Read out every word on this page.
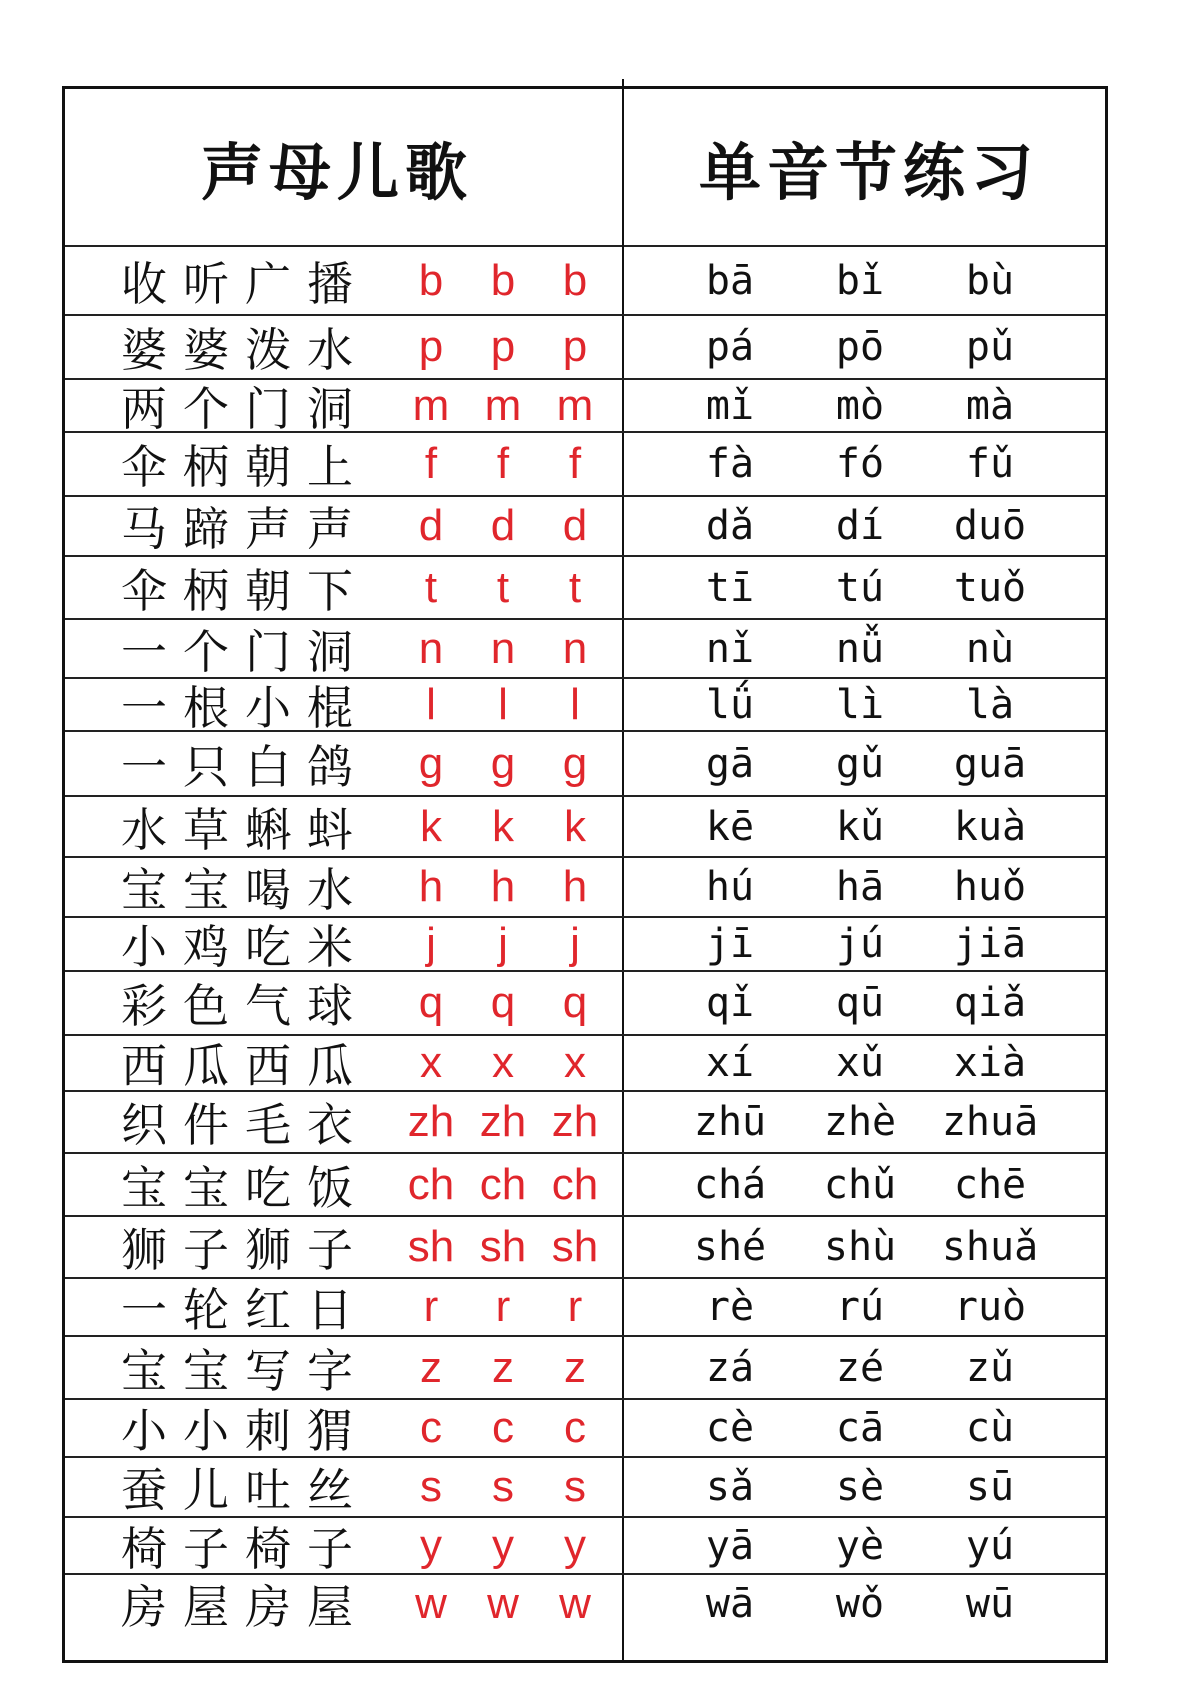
声母儿歌	单音节练习
收 听 广 播	b	b	b	bā	bǐ	bù
婆 婆 泼 水	p	p	p	pá	pō	pǔ
两 个 门 洞	m m m	mǐ	mò	mà
伞 柄 朝 上	f	f	f	fà	fó	fǔ
马 蹄 声 声	d	d	d	dǎ	dí	duō
伞 柄 朝 下	t	t	t	tī	tú	tuǒ
一 个 门 洞	n	n	n	nǐ	nǚ	nù
一 根 小 棍	l	l	l	lǘ	lì	là
一 只 白 鸽	g	g	g	gā	gǔ	guā
水 草 蝌 蚪	k	k	k	kē	kǔ	kuà
宝 宝 喝 水	h	h	h	hú	hā	huǒ
小 鸡 吃 米	j	j	j	jī	jú	jiā
彩 色 气 球	q	q	q	qǐ	qū	qiǎ
西 瓜 西 瓜	x	x	x	xí	xǔ	xià
织 件 毛 衣 zh zh zh	zhū	zhè	zhuā
宝 宝 吃 饭 ch ch ch	chá	chǔ	chē
狮 子 狮 子 sh sh sh	shé	shù	shuǎ
一 轮 红 日	r	r	r	rè	rú	ruò
宝 宝 写 字	z	z	z	zá	zé	zǔ
小 小 刺 猬	c	c	c	cè	cā	cù
蚕 儿 吐 丝	s	s	s	sǎ	sè	sū
椅 子 椅 子	y	y	y	yā	yè	yú
房 屋 房 屋	w w w	wā	wǒ	wū
